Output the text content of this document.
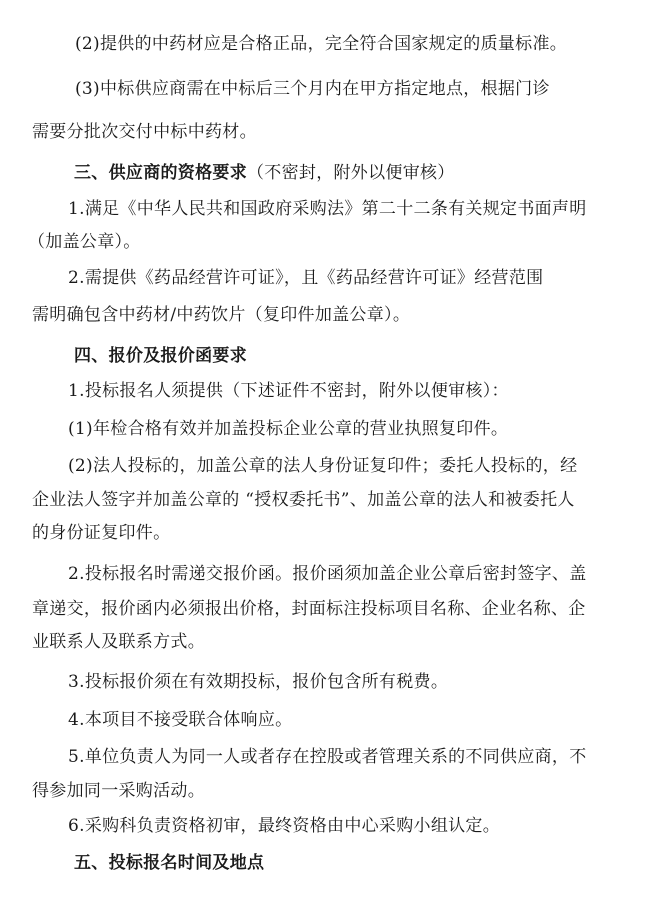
(2)提供的中药材应是合格正品，完全符合国家规定的质量标准。
(3)中标供应商需在中标后三个月内在甲方指定地点，根据门诊
需要分批次交付中标中药材。
三、供应商的资格要求（不密封，附外以便审核）
1.满足《中华人民共和国政府采购法》第二十二条有关规定书面声明
（加盖公章）。
2.需提供《药品经营许可证》，且《药品经营许可证》经营范围
需明确包含中药材/中药饮片（复印件加盖公章）。
四、报价及报价函要求
1.投标报名人须提供（下述证件不密封，附外以便审核）：
(1)年检合格有效并加盖投标企业公章的营业执照复印件。
(2)法人投标的，加盖公章的法人身份证复印件；委托人投标的，经
企业法人签字并加盖公章的 “授权委托书”、加盖公章的法人和被委托人
的身份证复印件。
2.投标报名时需递交报价函。报价函须加盖企业公章后密封签字、盖
章递交，报价函内必须报出价格，封面标注投标项目名称、企业名称、企
业联系人及联系方式。
3.投标报价须在有效期投标，报价包含所有税费。
4.本项目不接受联合体响应。
5.单位负责人为同一人或者存在控股或者管理关系的不同供应商，不
得参加同一采购活动。
6.采购科负责资格初审，最终资格由中心采购小组认定。
五、投标报名时间及地点
